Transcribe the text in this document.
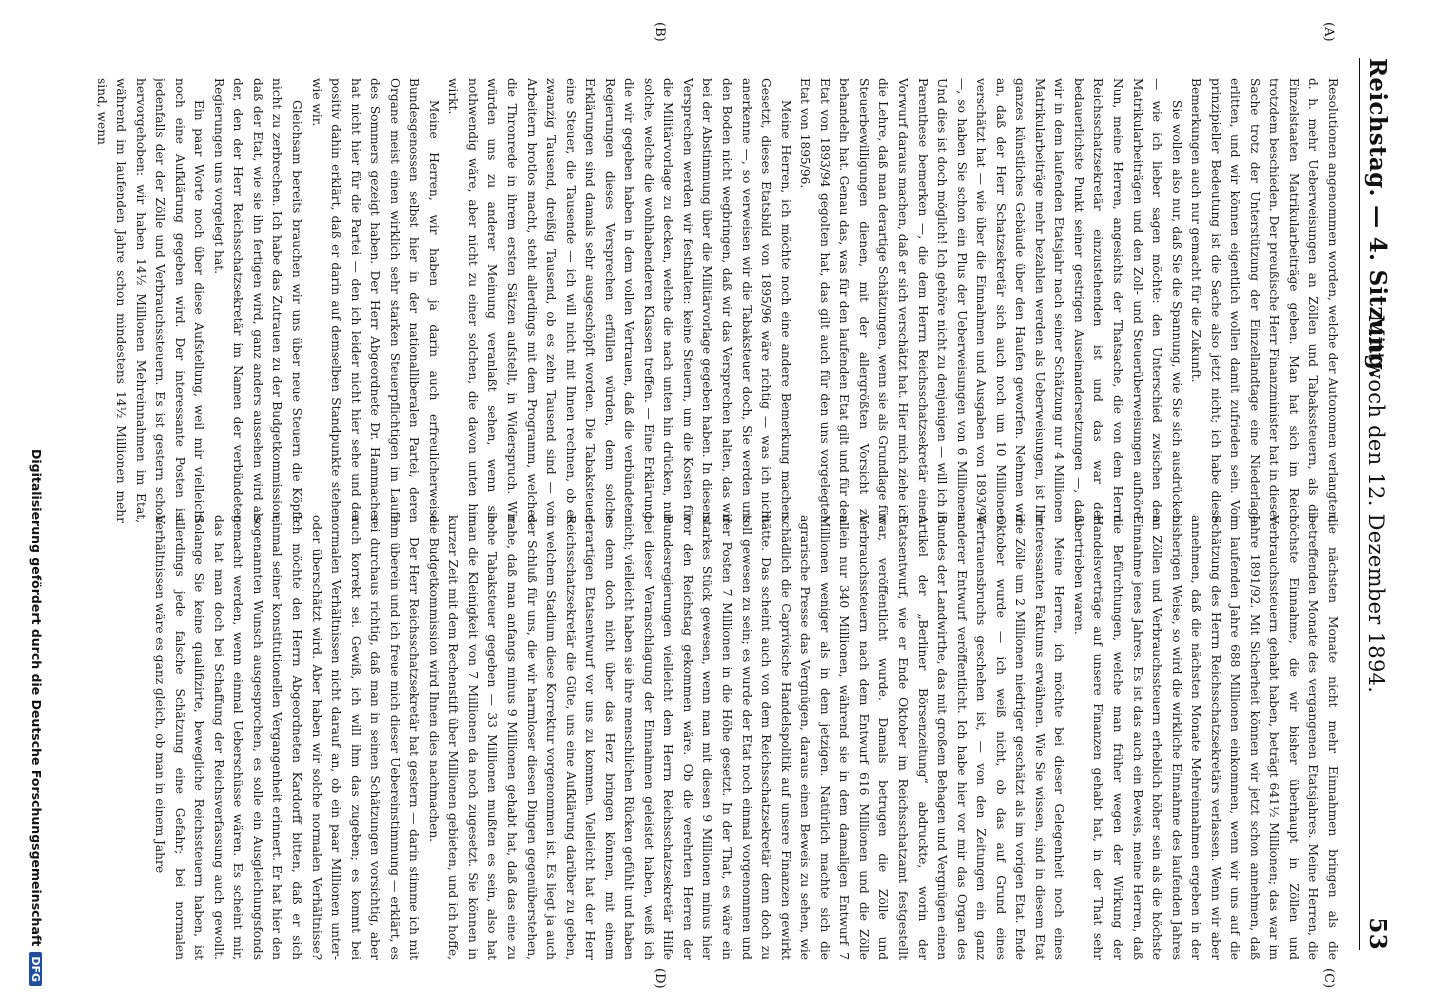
Reichstag. — 4. Sitzung.
Mittwoch den 12. Dezember 1894.
53
(A)
(B)
(C)
(D)

Resolutionen angenommen worden, welche der Autonomen verlangten, d. h. mehr Ueberweisungen an Zöllen und Tabakssteuern, als die Einzelstaaten Matrikularbeiträge geben. Man hat sich im Reich trotzdem beschieden. Der preußische Herr Finanzminister hat in dieser Sache trotz der Unterstützung der Einzellandtage eine Niederlage erlitten, und wir können eigentlich wollen damit zufrieden sein. Von prinzipieller Bedeutung ist die Sache also jetzt nicht; ich habe diese Bemerkungen auch nur gemacht für die Zukunft.

Sie wollen also nur, daß Sie die Spannung, wie Sie sich ausdrücken — wie ich lieber sagen möchte: den Unterschied zwischen den Matrikularbeiträgen und den Zoll- und Steuerüberweisungen aufhöre. Nun, meine Herren, angesichts der Thatsache, die von dem Herrn Reichsschatzsekretär einzustehenden ist und das war der bedauerlichste Punkt seiner gestrigen Auseinandersetzungen —, daß wir in dem laufenden Etatsjahr nach seiner Schätzung nur 4 Millionen Matrikularbeiträge mehr bezahlen werden als Ueberweisungen, ist Ihr ganzes künstliches Gebäude über den Haufen geworfen. Nehmen wir an, daß der Herr Schatzsekretär sich auch noch um 10 Millionen verschätzt hat — wie über die Einnahmen und Ausgaben von 1893/94 —, so haben Sie schon ein Plus der Ueberweisungen von 6 Millionen. Und dies ist doch möglich! Ich gehöre nicht zu denjenigen — will ich in Parenthese bemerken —, die dem Herrn Reichsschatzsekretär einen Vorwurf daraus machen, daß er sich verschätzt hat. Hier mich ziehe ich die Lehre, daß man derartige Schätzungen, wenn sie als Grundlage für Steuerbewilligungen dienen, mit der allergrößten Vorsicht zu behandeln hat. Genau das, was für den laufenden Etat gilt und für den Etat von 1893/94 gegolten hat, das gilt auch für den uns vorgelegten Etat von 1895/96.

Meine Herren, ich möchte noch eine andere Bemerkung machen. Gesetzt, dieses Etatsbild von 1895/96 wäre richtig — was ich nicht anerkenne —, so verweisen wir die Tabaksteuer doch, Sie werden uns den Boden nicht wegbringen, daß wir das Versprechen halten, das wir bei der Abstimmung über die Militärvorlage gegeben haben. In diesem Versprechen werden wir festhalten: keine Steuern, um die Kosten für die Militärvorlage zu decken, welche die nach unten hin drücken, nur solche, welche die wohlhabenderen Klassen treffen. — Eine Erklärung, die wir gegeben haben in dem vollen Vertrauen, daß die verbündeten Regierungen dieses Versprechen erfüllen würden, denn solche Erklärungen sind damals sehr ausgeschöpft worden. Die Tabaksteuer, eine Steuer, die Tausende — ich will nicht mit Ihnen rechnen, ob es zwanzig Tausend, dreißig Tausend, ob es zehn Tausend sind — von Arbeitern brotlos macht, steht allerdings mit dem Programm, welches die Thronrede in ihrem ersten Sätzen aufstellt, in Widerspruch. Wir würden uns zu anderer Meinung veranlaßt sehen, wenn sie nothwendig wäre, aber nicht zu einer solchen, die davon unten hin wirkt.

Meine Herren, wir haben ja darin auch erfreulicherweise Bundesgenossen selbst hier in der nationalliberalen Partei, deren Organe meist einen wirklich sehr starken Steuerpflichtigen im Laufe des Sommers gezeigt haben. Der Herr Abgeordnete Dr. Hammacher hat nicht hier für die Partei — den ich leider nicht hier sehe und der positiv dahin erklärt, daß er darin auf demselben Standpunkte stehen wie wir.

Gleichsam bereits brauchen wir uns über neue Steuern die Köpfe nicht zu zerbrechen. Ich habe das Zutrauen zu der Budgetkommission, daß der Etat, wie sie ihn fertigen wird, ganz anders aussehen wird als der, den der Herr Reichsschatzsekretär im Namen der verbündeten Regierungen uns vorgelegt hat.

Ein paar Worte noch über diese Aufstellung, weil mir vielleicht noch eine Aufklärung gegeben wird. Der interessante Posten ist jedenfalls der der Zölle und Verbrauchssteuern. Es ist gestern schon hervorgehoben: wir haben 14½ Millionen Mehreinnahmen im Etat, während im laufenden Jahre schon mindestens 14½ Millionen mehr sind, wenn

die nächsten Monate nicht mehr Einnahmen bringen als die betreffenden Monate des vergangenen Etatsjahres. Meine Herren, die höchste Einnahme, die wir bisher überhaupt in Zöllen und Verbrauchssteuern gehabt haben, beträgt 641½ Millionen; das war im Jahre 1891/92. Mit Sicherheit können wir jetzt schon annehmen, daß im laufenden Jahre 688 Millionen einkommen, wenn wir uns auf die Schätzung des Herrn Reichsschatzsekretärs verlassen. Wenn wir aber annehmen, daß die nächsten Monate Mehreinnahmen ergeben in der bisherigen Weise, so wird die wirkliche Einnahme des laufenden Jahres an Zöllen und Verbrauchssteuern erheblich höher sein als die höchste Einnahme jenes Jahres. Es ist das auch ein Beweis, meine Herren, daß die Befürchtungen, welche man früher wegen der Wirkung der Handelsverträge auf unsere Finanzen gehabt hat, in der That sehr übertrieben waren.

Meine Herren, ich möchte bei dieser Gelegenheit noch eines interessanten Faktums erwähnen. Wie Sie wissen, sind in diesem Etat die Zölle um 2 Millionen niedriger geschätzt als im vorigen Etat. Ende Oktober wurde — ich weiß nicht, ob das auf Grund eines Vertrauensbruchs geschehen ist, — von den Zeitungen ein ganz anderer Entwurf veröffentlicht. Ich habe hier vor mir das Organ des Bundes der Landwirthe, das mit großem Behagen und Vergnügen einen Artikel der „Berliner Börsenzeitung“ abdruckte, worin der Etatsentwurf, wie er Ende Oktober im Reichsschatzamt festgestellt war, veröffentlicht wurde. Damals betrugen die Zölle und Verbrauchssteuern nach dem Entwurf 616 Millionen und die Zölle allein nur 340 Millionen, während sie in dem damaligen Entwurf 7 Millionen weniger als in dem jetzigen. Natürlich machte sich die agrarische Presse das Vergnügen, daraus einen Beweis zu sehen, wie schädlich die Caprivische Handelspolitik auf unsere Finanzen gewirkt hätte. Das scheint auch von dem Reichsschatzsekretär denn doch zu toll gewesen zu sein; es wurde der Etat noch einmal vorgenommen und der Posten 7 Millionen in die Höhe gesetzt. In der That, es wäre ein starkes Stück gewesen, wenn man mit diesen 9 Millionen minus hier vor den Reichstag gekommen wäre. Ob die verehrten Herren der Bundesregierungen vielleicht dem Herrn Reichsschatzsekretär Hilfe bei dieser Veranschlagung der Einnahmen geleistet haben, weiß ich nicht; vielleicht haben sie ihre menschlichen Rücken gefühlt und haben es denn doch nicht über das Herz bringen können, mit einem derartigen Etatsentwurf vor uns zu kommen. Vielleicht hat der Herr Reichsschatzsekretär die Güte, uns eine Aufklärung darüber zu geben, in welchem Stadium diese Korrektur vorgenommen ist. Es liegt ja auch der Schluß für uns, die wir harmloser diesen Dingen gegenüberstehen, nahe, daß man anfangs minus 9 Millionen gehabt hat, daß das eine zu hohe Tabaksteuer gegeben — 33 Millionen mußten es sein, also hat man die Kleinigkeit von 7 Millionen da noch zugesetzt. Sie können in kurzer Zeit mit dem Rechenstift über Millionen gebieten, und ich hoffe, die Budgetkommission wird Ihnen dies nachmachen.

Der Herr Reichsschatzsekretär hat gestern — darin stimme ich mit ihm überein und ich freue mich dieser Uebereinstimmung — erklärt, es sei durchaus richtig, daß man in seinen Schätzungen vorsichtig, aber auch korrekt sei. Gewiß, ich will ihm das zugeben; es kommt bei normalen Verhältnissen nicht darauf an, ob ein paar Millionen unter- oder überschätzt wird. Aber haben wir solche normalen Verhältnisse? Ich möchte den Herrn Abgeordneten Kardorff bitten, daß er sich einmal seiner konstitutionellen Vergangenheit erinnert. Er hat hier den sogenannten Wunsch ausgesprochen, es solle ein Ausgleichungsfonds gemacht werden, wenn einmal Ueberschüsse wären. Es scheint mir, das hat man doch bei Schaffung der Reichsverfassung auch gewollt. Solange Sie keine qualifizirte, bewegliche Reichssteuern haben, ist allerdings jede falsche Schätzung eine Gefahr; bei normalen Verhältnissen wäre es ganz gleich, ob man in einem Jahre

Digitalisierung gefördert durch die Deutsche ForschungsgemeinschaftDFG
